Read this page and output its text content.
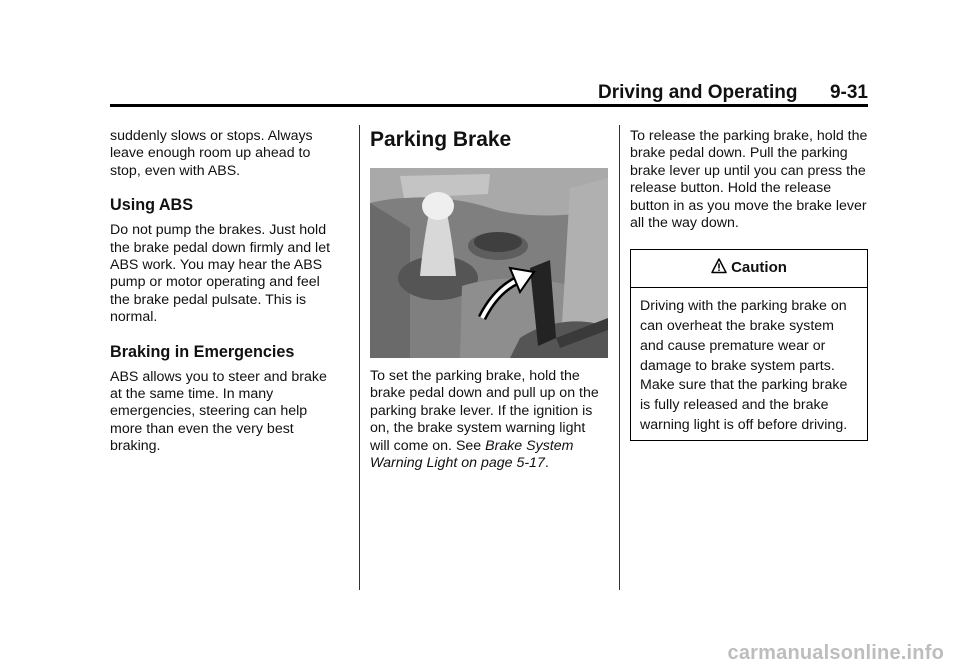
Driving and Operating 9-31

suddenly slows or stops. Always leave enough room up ahead to stop, even with ABS.

Using ABS

Do not pump the brakes. Just hold the brake pedal down firmly and let ABS work. You may hear the ABS pump or motor operating and feel the brake pedal pulsate. This is normal.

Braking in Emergencies

ABS allows you to steer and brake at the same time. In many emergencies, steering can help more than even the very best braking.

Parking Brake

To set the parking brake, hold the brake pedal down and pull up on the parking brake lever. If the ignition is on, the brake system warning light will come on. See Brake System Warning Light on page 5-17.

To release the parking brake, hold the brake pedal down. Pull the parking brake lever up until you can press the release button. Hold the release button in as you move the brake lever all the way down.

Caution
Driving with the parking brake on can overheat the brake system and cause premature wear or damage to brake system parts. Make sure that the parking brake is fully released and the brake warning light is off before driving.
carmanualsonline.info
